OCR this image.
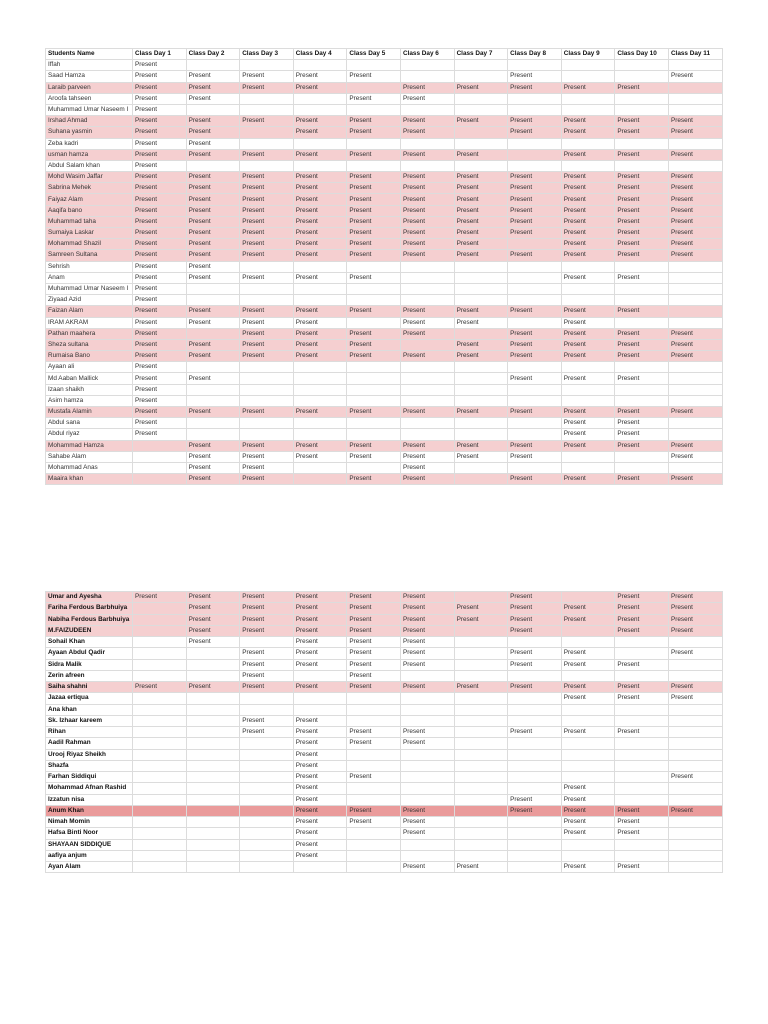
Students Name	Class Day 1	Class Day 2	Class Day 3	Class Day 4	Class Day 5	Class Day 6	Class Day 7	Class Day 8	Class Day 9	Class Day 10	Class Day 11
Iffah	Present										
Saad Hamza	Present	Present	Present	Present	Present			Present			Present
Laraib parveen	Present	Present	Present	Present		Present	Present	Present	Present	Present	
Aroofa tahseen	Present	Present			Present	Present					
Muhammad Umar Naseem I	Present										
Irshad Ahmad	Present	Present	Present	Present	Present	Present	Present	Present	Present	Present	Present
Suhana yasmin	Present	Present		Present	Present	Present		Present	Present	Present	Present
Zeba kadri	Present	Present									
usman hamza	Present	Present	Present	Present	Present	Present	Present		Present	Present	Present
Abdul Salam khan	Present										
Mohd Wasim Jaffar	Present	Present	Present	Present	Present	Present	Present	Present	Present	Present	Present
Sabrina Mehek	Present	Present	Present	Present	Present	Present	Present	Present	Present	Present	Present
Faiyaz Alam	Present	Present	Present	Present	Present	Present	Present	Present	Present	Present	Present
Aaqifa bano	Present	Present	Present	Present	Present	Present	Present	Present	Present	Present	Present
Muhammad taha	Present	Present	Present	Present	Present	Present	Present	Present	Present	Present	Present
Sumaiya Laskar	Present	Present	Present	Present	Present	Present	Present	Present	Present	Present	Present
Mohammad Shazil	Present	Present	Present	Present	Present	Present	Present		Present	Present	Present
Samreen Sultana	Present	Present	Present	Present	Present	Present	Present	Present	Present	Present	Present
Sehrish	Present	Present									
Anam	Present	Present	Present	Present	Present				Present	Present	
Muhammad Umar Naseem I	Present										
Ziyaad Azid	Present										
Faizan Alam	Present	Present	Present	Present	Present	Present	Present	Present	Present	Present	
IRAM AKRAM	Present	Present	Present	Present		Present	Present		Present		
Pathan maahera	Present		Present	Present	Present	Present		Present	Present	Present	Present
Sheza sultana	Present	Present	Present	Present	Present		Present	Present	Present	Present	Present
Rumaisa Bano	Present	Present	Present	Present	Present	Present	Present	Present	Present	Present	Present
Ayaan ali	Present										
Md Aaban Mallick	Present	Present						Present	Present	Present	
Izaan shaikh	Present										
Asim hamza	Present										
Mustafa Alamin	Present	Present	Present	Present	Present	Present	Present	Present	Present	Present	Present
Abdul sana	Present								Present	Present	
Abdul riyaz	Present								Present	Present	
Mohammad Hamza		Present	Present	Present	Present	Present	Present	Present	Present	Present	Present
Sahabe Alam		Present	Present	Present	Present	Present	Present	Present			Present
Mohammad Anas		Present	Present			Present					
Maaira khan		Present	Present		Present	Present		Present	Present	Present	Present
Umar and Ayesha	Present	Present	Present	Present	Present	Present		Present		Present	Present
Fariha Ferdous Barbhuiya		Present	Present	Present	Present	Present	Present	Present	Present	Present	Present
Nabiha Ferdous Barbhuiya		Present	Present	Present	Present	Present	Present	Present	Present	Present	Present
M.FAIZUDEEN		Present	Present	Present	Present	Present		Present		Present	Present
Sohail Khan		Present		Present	Present	Present					
Ayaan Abdul Qadir			Present	Present	Present	Present		Present	Present		Present
Sidra Malik			Present	Present	Present	Present		Present	Present	Present	
Zerin afreen			Present		Present						
Saiha shahni	Present	Present	Present	Present	Present	Present	Present	Present	Present	Present	Present
Jazaa ertiqua									Present	Present	Present
Ana khan											
Sk. Izhaar kareem			Present	Present							
Rihan			Present	Present	Present	Present		Present	Present	Present	
Aadil Rahman				Present	Present	Present					
Urooj Riyaz Sheikh				Present							
Shazfa				Present							
Farhan Siddiqui				Present	Present						Present
Mohammad Afnan Rashid				Present					Present		
Izzatun nisa				Present				Present	Present		
Anum Khan				Present	Present	Present		Present	Present	Present	Present
Nimah Momin				Present	Present	Present			Present	Present	
Hafsa Binti Noor				Present		Present			Present	Present	
SHAYAAN SIDDIQUE				Present							
aafiya anjum				Present							
Ayan Alam						Present	Present		Present	Present	
